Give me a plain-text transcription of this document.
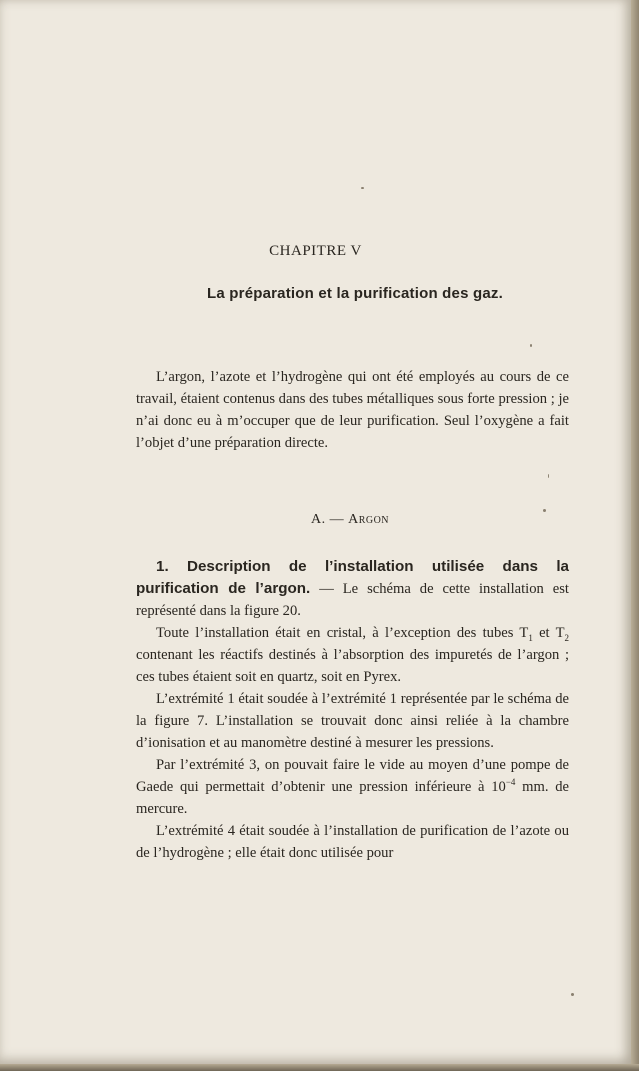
CHAPITRE V
La préparation et la purification des gaz.

L’argon, l’azote et l’hydrogène qui ont été employés au cours de ce travail, étaient contenus dans des tubes métalliques sous forte pression ; je n’ai donc eu à m’occuper que de leur purification. Seul l’oxygène a fait l’objet d’une préparation directe.

A. — Argon

1. Description de l’installation utilisée dans la purification de l’argon. — Le schéma de cette installation est représenté dans la figure 20.

Toute l’installation était en cristal, à l’exception des tubes $T_1$ et $T_2$ contenant les réactifs destinés à l’absorption des impuretés de l’argon ; ces tubes étaient soit en quartz, soit en Pyrex.

L’extrémité 1 était soudée à l’extrémité 1 représentée par le schéma de la figure 7. L’installation se trouvait donc ainsi reliée à la chambre d’ionisation et au manomètre destiné à mesurer les pressions.

Par l’extrémité 3, on pouvait faire le vide au moyen d’une pompe de Gaede qui permettait d’obtenir une pression inférieure à $10^{-4}$ mm. de mercure.

L’extrémité 4 était soudée à l’installation de purification de l’azote ou de l’hydrogène ; elle était donc utilisée pour
